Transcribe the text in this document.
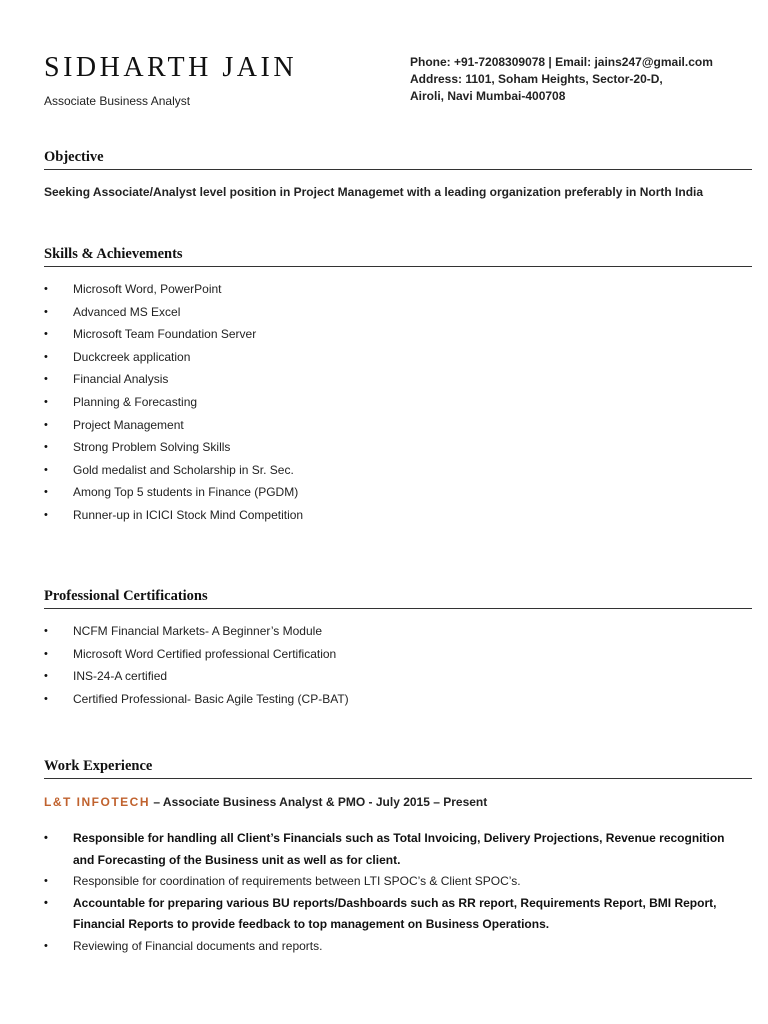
SIDHARTH JAIN
Associate Business Analyst
Phone: +91-7208309078 | Email: jains247@gmail.com
Address: 1101, Soham Heights, Sector-20-D,
Airoli, Navi Mumbai-400708
Objective
Seeking Associate/Analyst level position in Project Managemet with a leading organization preferably in North India
Skills & Achievements
• Microsoft Word, PowerPoint
• Advanced MS Excel
• Microsoft Team Foundation Server
• Duckcreek application
• Financial Analysis
• Planning & Forecasting
• Project Management
• Strong Problem Solving Skills
• Gold medalist and Scholarship in Sr. Sec.
• Among Top 5 students in Finance (PGDM)
• Runner-up in ICICI Stock Mind Competition
Professional Certifications
• NCFM Financial Markets- A Beginner’s Module
• Microsoft Word Certified professional Certification
• INS-24-A certified
• Certified Professional- Basic Agile Testing (CP-BAT)
Work Experience
L&T INFOTECH – Associate Business Analyst & PMO - July 2015 – Present
• Responsible for handling all Client’s Financials such as Total Invoicing, Delivery Projections, Revenue recognition and Forecasting of the Business unit as well as for client.
• Responsible for coordination of requirements between LTI SPOC’s & Client SPOC’s.
• Accountable for preparing various BU reports/Dashboards such as RR report, Requirements Report, BMI Report, Financial Reports to provide feedback to top management on Business Operations.
• Reviewing of Financial documents and reports.
